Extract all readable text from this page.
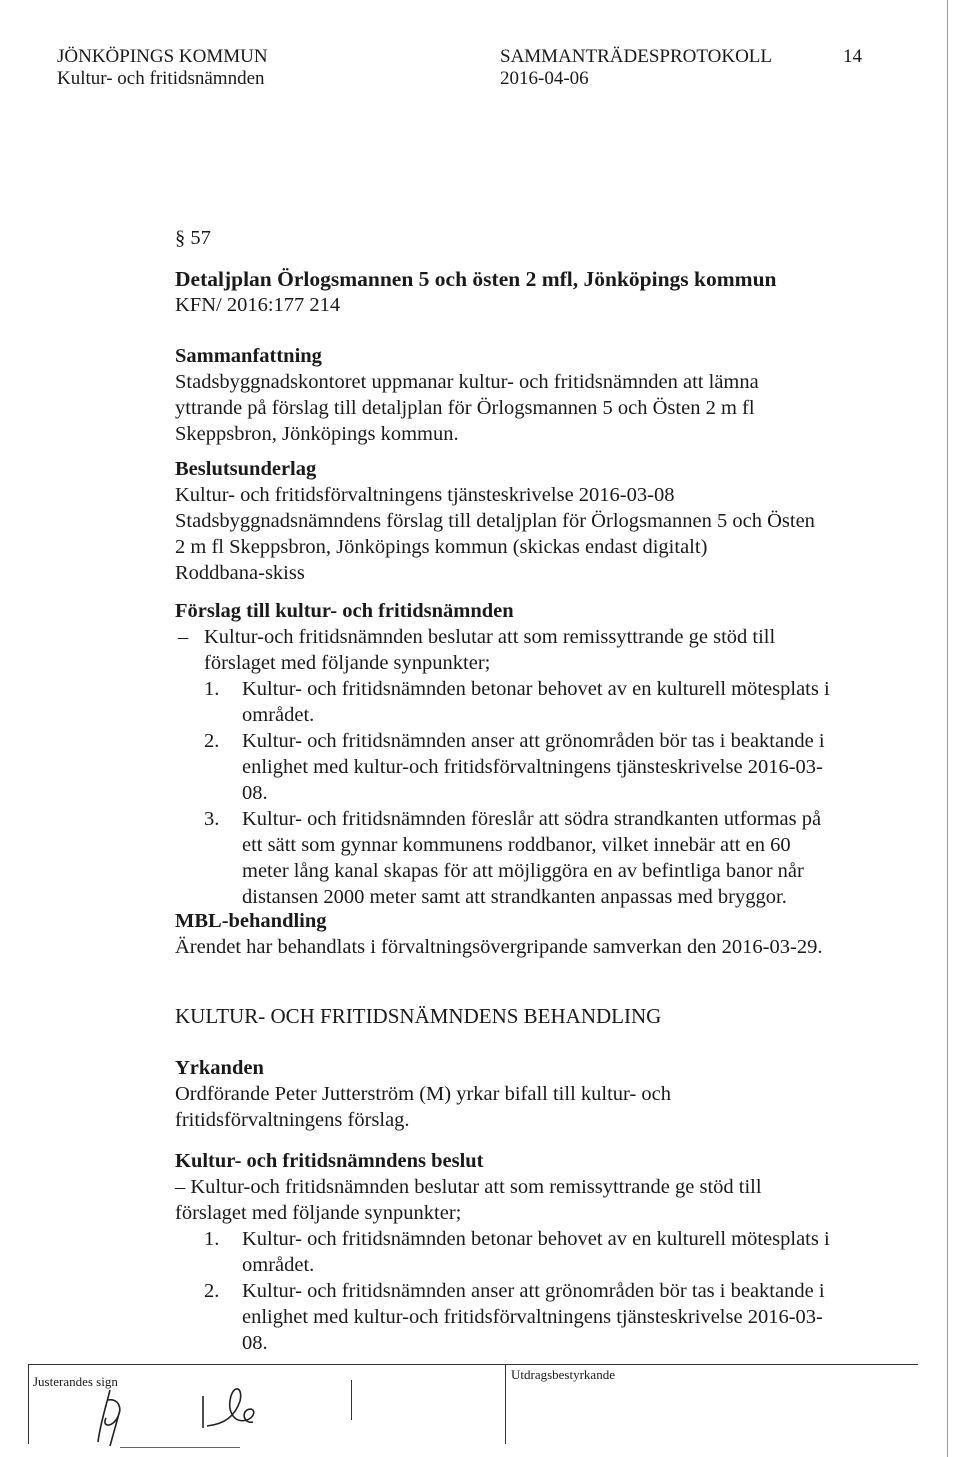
JÖNKÖPINGS KOMMUN
Kultur- och fritidsnämnden
SAMMANTRÄDESPROTOKOLL
2016-04-06
14
§ 57
Detaljplan Örlogsmannen 5 och östen 2 mfl, Jönköpings kommun
KFN/ 2016:177 214
Sammanfattning
Stadsbyggnadskontoret uppmanar kultur- och fritidsnämnden att lämna
yttrande på förslag till detaljplan för Örlogsmannen 5 och Östen 2 m fl
Skeppsbron, Jönköpings kommun.
Beslutsunderlag
Kultur- och fritidsförvaltningens tjänsteskrivelse 2016-03-08
Stadsbyggnadsnämndens förslag till detaljplan för Örlogsmannen 5 och Östen
2 m fl Skeppsbron, Jönköpings kommun (skickas endast digitalt)
Roddbana-skiss
Förslag till kultur- och fritidsnämnden
– Kultur-och fritidsnämnden beslutar att som remissyttrande ge stöd till
förslaget med följande synpunkter;
1. Kultur- och fritidsnämnden betonar behovet av en kulturell mötesplats i
området.
2. Kultur- och fritidsnämnden anser att grönområden bör tas i beaktande i
enlighet med kultur-och fritidsförvaltningens tjänsteskrivelse 2016-03-
08.
3. Kultur- och fritidsnämnden föreslår att södra strandkanten utformas på
ett sätt som gynnar kommunens roddbanor, vilket innebär att en 60
meter lång kanal skapas för att möjliggöra en av befintliga banor når
distansen 2000 meter samt att strandkanten anpassas med bryggor.
MBL-behandling
Ärendet har behandlats i förvaltningsövergripande samverkan den 2016-03-29.
KULTUR- OCH FRITIDSNÄMNDENS BEHANDLING
Yrkanden
Ordförande Peter Jutterström (M) yrkar bifall till kultur- och
fritidsförvaltningens förslag.
Kultur- och fritidsnämndens beslut
– Kultur-och fritidsnämnden beslutar att som remissyttrande ge stöd till
förslaget med följande synpunkter;
1. Kultur- och fritidsnämnden betonar behovet av en kulturell mötesplats i
området.
2. Kultur- och fritidsnämnden anser att grönområden bör tas i beaktande i
enlighet med kultur-och fritidsförvaltningens tjänsteskrivelse 2016-03-
08.
Justerandes sign	Utdragsbestyrkande
